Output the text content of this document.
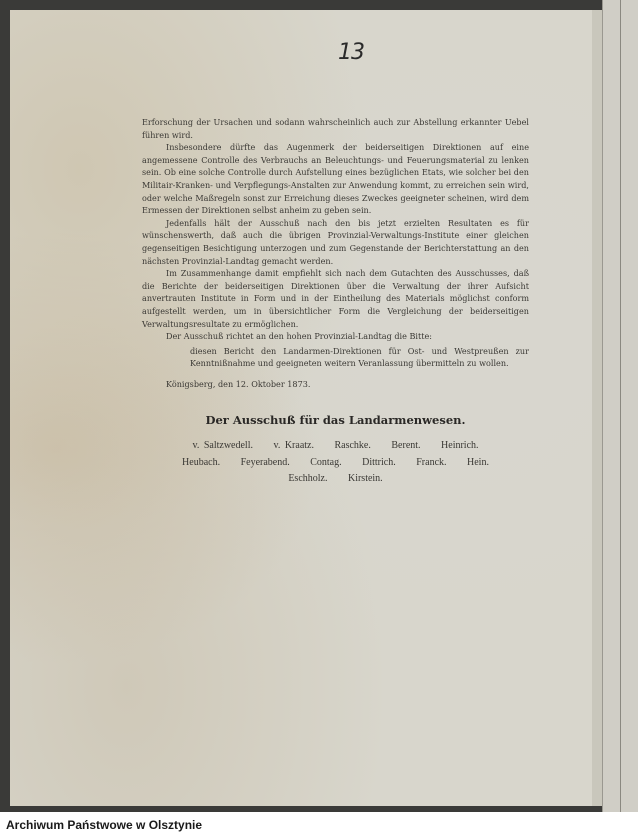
13

Erforschung der Ursachen und sodann wahrscheinlich auch zur Abstellung erkannter Uebel führen wird.

Insbesondere dürfte das Augenmerk der beiderseitigen Direktionen auf eine angemessene Controlle des Verbrauchs an Beleuchtungs- und Feuerungsmaterial zu lenken sein. Ob eine solche Controlle durch Aufstellung eines bezüglichen Etats, wie solcher bei den Militair-Kranken- und Verpflegungs-Anstalten zur Anwendung kommt, zu erreichen sein wird, oder welche Maßregeln sonst zur Erreichung dieses Zweckes geeigneter scheinen, wird dem Ermessen der Direktionen selbst anheim zu geben sein.

Jedenfalls hält der Ausschuß nach den bis jetzt erzielten Resultaten es für wünschenswerth, daß auch die übrigen Provinzial-Verwaltungs-Institute einer gleichen gegenseitigen Besichtigung unterzogen und zum Gegenstande der Berichterstattung an den nächsten Provinzial-Landtag gemacht werden.

Im Zusammenhange damit empfiehlt sich nach dem Gutachten des Ausschusses, daß die Berichte der beiderseitigen Direktionen über die Verwaltung der ihrer Aufsicht anvertrauten Institute in Form und in der Eintheilung des Materials möglichst conform aufgestellt werden, um in übersichtlicher Form die Vergleichung der beiderseitigen Verwaltungsresultate zu ermöglichen.

Der Ausschuß richtet an den hohen Provinzial-Landtag die Bitte:

diesen Bericht den Landarmen-Direktionen für Ost- und Westpreußen zur Kenntnißnahme und geeigneten weitern Veranlassung übermitteln zu wollen.

Königsberg, den 12. Oktober 1873.

Der Ausschuß für das Landarmenwesen.
v. Saltzwedell. v. Kraatz. Raschke. Berent. Heinrich.
Heubach. Feyerabend. Contag. Dittrich. Franck. Hein.
Eschholz. Kirstein.
Archiwum Państwowe w Olsztynie
